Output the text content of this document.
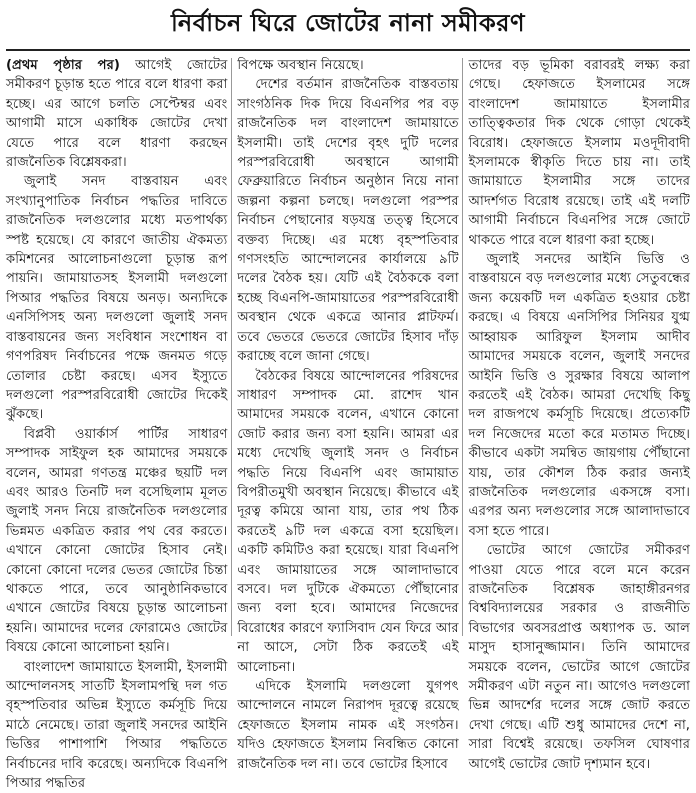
নির্বাচন ঘিরে জোটের নানা সমীকরণ

(প্রথম পৃষ্ঠার পর) আগেই জোটের সমীকরণ চূড়ান্ত হতে পারে বলে ধারণা করা হচ্ছে। এর আগে চলতি সেপ্টেম্বর এবং আগামী মাসে একাধিক জোটের দেখা যেতে পারে বলে ধারণা করছেন রাজনৈতিক বিশ্লেষকরা।

জুলাই সনদ বাস্তবায়ন এবং সংখ্যানুপাতিক নির্বাচন পদ্ধতির দাবিতে রাজনৈতিক দলগুলোর মধ্যে মতপার্থক্য স্পষ্ট হয়েছে। যে কারণে জাতীয় ঐকমত্য কমিশনের আলোচনাগুলো চূড়ান্ত রূপ পায়নি। জামায়াতসহ ইসলামী দলগুলো পিআর পদ্ধতির বিষয়ে অনড়। অন্যদিকে এনসিপিসহ অন্য দলগুলো জুলাই সনদ বাস্তবায়নের জন্য সংবিধান সংশোধন বা গণপরিষদ নির্বাচনের পক্ষে জনমত গড়ে তোলার চেষ্টা করছে। এসব ইস্যুতে দলগুলো পরস্পরবিরোধী জোটের দিকেই ঝুঁকছে।

বিপ্লবী ওয়ার্কার্স পার্টির সাধারণ সম্পাদক সাইফুল হক আমাদের সময়কে বলেন, আমরা গণতন্ত্র মঞ্চের ছয়টি দল এবং আরও তিনটি দল বসেছিলাম মূলত জুলাই সনদ নিয়ে রাজনৈতিক দলগুলোর ভিন্নমত একত্রিত করার পথ বের করতে। এখানে কোনো জোটের হিসাব নেই। কোনো কোনো দলের ভেতর জোটের চিন্তা থাকতে পারে, তবে আনুষ্ঠানিকভাবে এখানে জোটের বিষয়ে চূড়ান্ত আলোচনা হয়নি। আমাদের দলের ফোরামেও জোটের বিষয়ে কোনো আলোচনা হয়নি।

বাংলাদেশ জামায়াতে ইসলামী, ইসলামী আন্দোলনসহ সাতটি ইসলামপন্থি দল গত বৃহস্পতিবার অভিন্ন ইস্যুতে কর্মসূচি দিয়ে মাঠে নেমেছে। তারা জুলাই সনদের আইনি ভিত্তির পাশাপাশি পিআর পদ্ধতিতে নির্বাচনের দাবি করেছে। অন্যদিকে বিএনপি পিআর পদ্ধতির

বিপক্ষে অবস্থান নিয়েছে।

দেশের বর্তমান রাজনৈতিক বাস্তবতায় সাংগঠনিক দিক দিয়ে বিএনপির পর বড় রাজনৈতিক দল বাংলাদেশ জামায়াতে ইসলামী। তাই দেশের বৃহৎ দুটি দলের পরস্পরবিরোধী অবস্থানে আগামী ফেব্রুয়ারিতে নির্বাচন অনুষ্ঠান নিয়ে নানা জল্পনা কল্পনা চলছে। দলগুলো পরস্পর নির্বাচন পেছানোর ষড়যন্ত্র তত্ত্ব হিসেবে বক্তব্য দিচ্ছে। এর মধ্যে বৃহস্পতিবার গণসংহতি আন্দোলনের কার্যালয়ে ৯টি দলের বৈঠক হয়। যেটি এই বৈঠককে বলা হচ্ছে বিএনপি-জামায়াতের পরস্পরবিরোধী অবস্থান থেকে একত্রে আনার প্লাটফর্ম। তবে ভেতরে ভেতরে জোটের হিসাব দাঁড় করাচ্ছে বলে জানা গেছে।

বৈঠকের বিষয়ে আন্দোলনের পরিষদের সাধারণ সম্পাদক মো. রাশেদ খান আমাদের সময়কে বলেন, এখানে কোনো জোট করার জন্য বসা হয়নি। আমরা এর মধ্যে দেখেছি জুলাই সনদ ও নির্বাচন পদ্ধতি নিয়ে বিএনপি এবং জামায়াত বিপরীতমুখী অবস্থান নিয়েছে। কীভাবে এই দূরত্ব কমিয়ে আনা যায়, তার পথ ঠিক করতেই ৯টি দল একত্রে বসা হয়েছিল। একটি কমিটিও করা হয়েছে। যারা বিএনপি এবং জামায়াতের সঙ্গে আলাদাভাবে বসবে। দল দুটিকে ঐকমত্যে পৌঁছানোর জন্য বলা হবে। আমাদের নিজেদের বিরোধের কারণে ফ্যাসিবাদ যেন ফিরে আর না আসে, সেটা ঠিক করতেই এই আলোচনা।

এদিকে ইসলামি দলগুলো যুগপৎ আন্দোলনে নামলে নিরাপদ দূরত্বে রয়েছে হেফাজতে ইসলাম নামক এই সংগঠন। যদিও হেফাজতে ইসলাম নিবন্ধিত কোনো রাজনৈতিক দল না। তবে ভোটের হিসাবে

তাদের বড় ভূমিকা বরাবরই লক্ষ্য করা গেছে। হেফাজতে ইসলামের সঙ্গে বাংলাদেশ জামায়াতে ইসলামীর তাত্ত্বিকতার দিক থেকে গোড়া থেকেই বিরোধ। হেফাজতে ইসলাম মওদূদীবাদী ইসলামকে স্বীকৃতি দিতে চায় না। তাই জামায়াতে ইসলামীর সঙ্গে তাদের আদর্শগত বিরোধ রয়েছে। তাই এই দলটি আগামী নির্বাচনে বিএনপির সঙ্গে জোটে থাকতে পারে বলে ধারণা করা হচ্ছে।

জুলাই সনদের আইনি ভিত্তি ও বাস্তবায়নে বড় দলগুলোর মধ্যে সেতুবন্ধের জন্য কয়েকটি দল একত্রিত হওয়ার চেষ্টা করছে। এ বিষয়ে এনসিপির সিনিয়র যুগ্ম আহ্বায়ক আরিফুল ইসলাম আদীব আমাদের সময়কে বলেন, জুলাই সনদের আইনি ভিত্তি ও সুরক্ষার বিষয়ে আলাপ করতেই এই বৈঠক। আমরা দেখেছি কিছু দল রাজপথে কর্মসূচি দিয়েছে। প্রত্যেকটি দল নিজেদের মতো করে মতামত দিচ্ছে। কীভাবে একটা সমন্বিত জায়গায় পৌঁছানো যায়, তার কৌশল ঠিক করার জন্যই রাজনৈতিক দলগুলোর একসঙ্গে বসা। এরপর অন্য দলগুলোর সঙ্গে আলাদাভাবে বসা হতে পারে।

ভোটের আগে জোটের সমীকরণ পাওয়া যেতে পারে বলে মনে করেন রাজনৈতিক বিশ্লেষক জাহাঙ্গীরনগর বিশ্ববিদ্যালয়ের সরকার ও রাজনীতি বিভাগের অবসরপ্রাপ্ত অধ্যাপক ড. আল মাসুদ হাসানুজ্জামান। তিনি আমাদের সময়কে বলেন, ভোটের আগে জোটের সমীকরণ এটা নতুন না। আগেও দলগুলো ভিন্ন আদর্শের দলের সঙ্গে জোট করতে দেখা গেছে। এটি শুধু আমাদের দেশে না, সারা বিশ্বেই রয়েছে। তফসিল ঘোষণার আগেই ভোটের জোট দৃশ্যমান হবে।
